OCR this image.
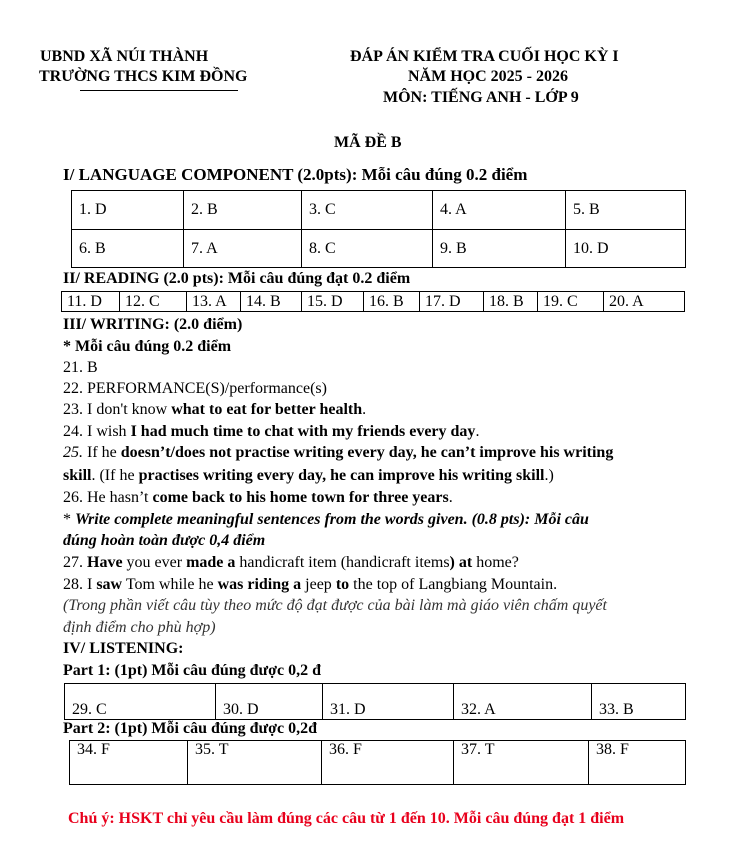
UBND XÃ NÚI THÀNH
TRƯỜNG THCS KIM ĐỒNG
ĐÁP ÁN KIỂM TRA CUỐI HỌC KỲ I
NĂM HỌC 2025 - 2026
MÔN: TIẾNG ANH - LỚP 9
MÃ ĐỀ B
I/ LANGUAGE COMPONENT (2.0pts): Mỗi câu đúng 0.2 điểm
1. D	2. B	3. C	4. A	5. B
6. B	7. A	8. C	9. B	10. D
II/ READING (2.0 pts): Mỗi câu đúng đạt 0.2 điểm
11. D	12. C	13. A	14. B	15. D	16. B	17. D	18. B	19. C	20. A
III/ WRITING: (2.0 điểm)
* Mỗi câu đúng 0.2 điểm
21. B
22. PERFORMANCE(S)/performance(s)
23. I don't know what to eat for better health.
24. I wish I had much time to chat with my friends every day.
25. If he doesn’t/does not practise writing every day, he can’t improve his writing
skill. (If he practises writing every day, he can improve his writing skill.)
26. He hasn’t come back to his home town for three years.
* Write complete meaningful sentences from the words given. (0.8 pts): Mỗi câu
đúng hoàn toàn được 0,4 điểm
27. Have you ever made a handicraft item (handicraft items) at home?
28. I saw Tom while he was riding a jeep to the top of Langbiang Mountain.
(Trong phần viết câu tùy theo mức độ đạt được của bài làm mà giáo viên chấm quyết
định điểm cho phù hợp)
IV/ LISTENING:
Part 1: (1pt) Mỗi câu đúng được 0,2 đ
29. C	30. D	31. D	32. A	33. B
Part 2: (1pt) Mỗi câu đúng được 0,2đ
34. F	35. T	36. F	37. T	38. F
Chú ý: HSKT chỉ yêu cầu làm đúng các câu từ 1 đến 10. Mỗi câu đúng đạt 1 điểm
